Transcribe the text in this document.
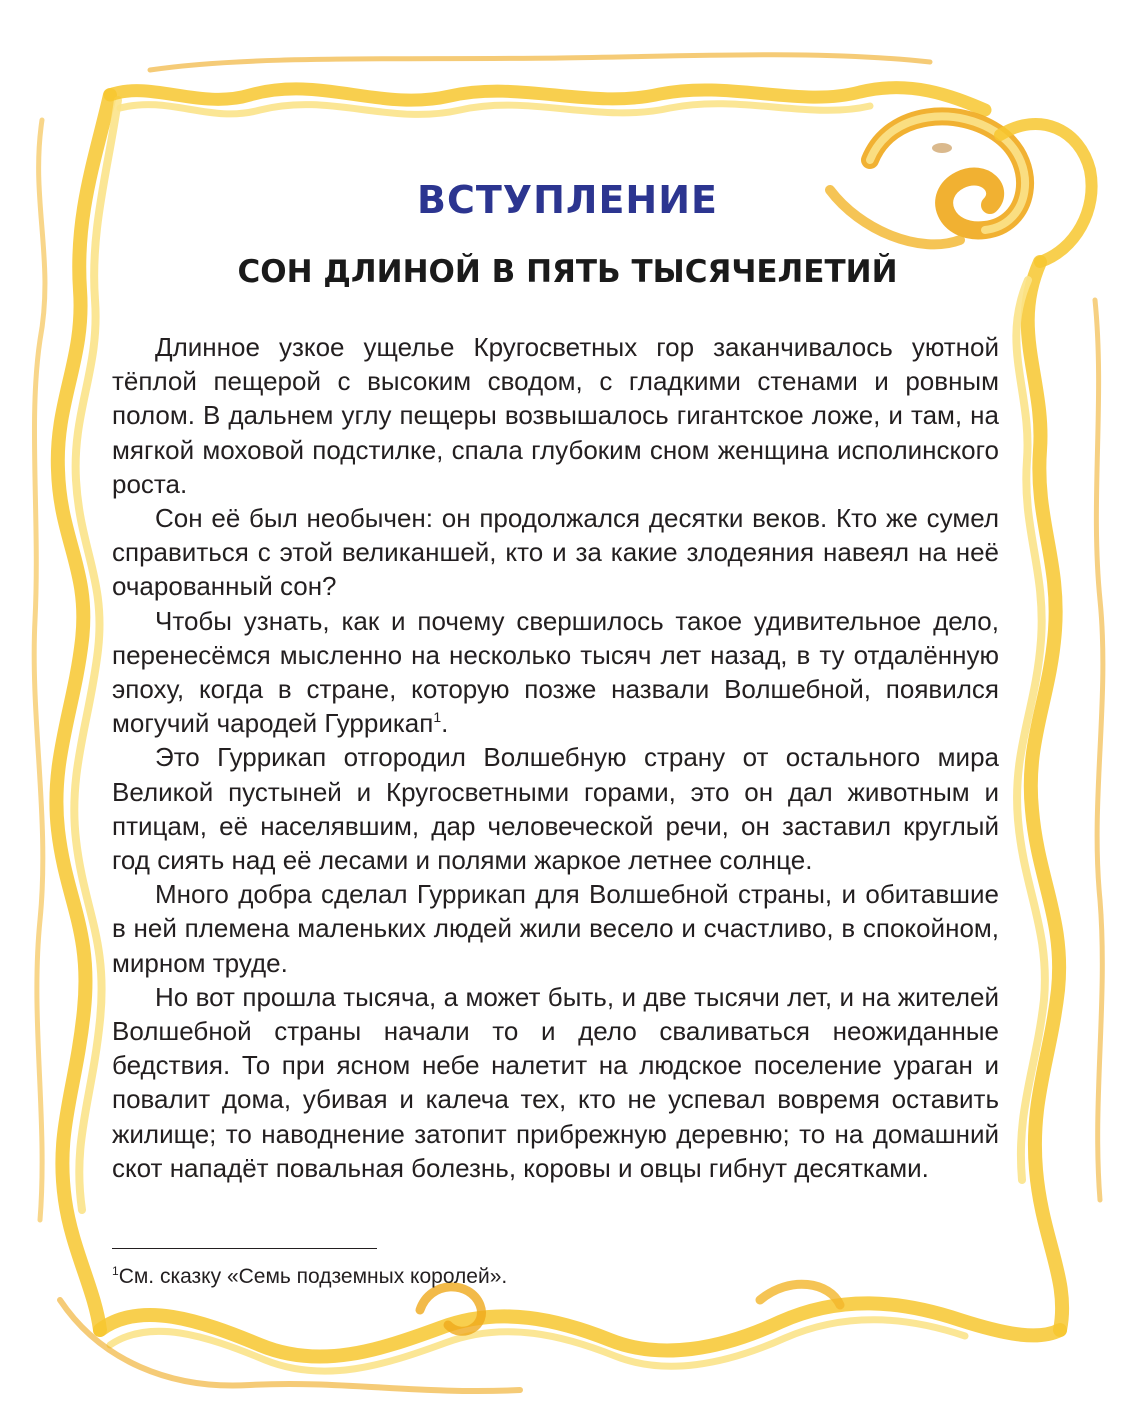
ВСТУПЛЕНИЕ
СОН ДЛИНОЙ В ПЯТЬ ТЫСЯЧЕЛЕТИЙ

Длинное узкое ущелье Кругосветных гор заканчивалось уютной тёплой пещерой с высоким сводом, с гладкими стенами и ровным полом. В дальнем углу пещеры возвышалось гигантское ложе, и там, на мягкой моховой подстилке, спала глубоким сном женщина исполинского роста.

Сон её был необычен: он продолжался десятки веков. Кто же сумел справиться с этой великаншей, кто и за какие злодеяния навеял на неё очарованный сон?

Чтобы узнать, как и почему свершилось такое удивительное дело, перенесёмся мысленно на несколько тысяч лет назад, в ту отдалённую эпоху, когда в стране, которую позже назвали Волшебной, появился могучий чародей Гуррикап$^1$.

Это Гуррикап отгородил Волшебную страну от остального мира Великой пустыней и Кругосветными горами, это он дал животным и птицам, её населявшим, дар человеческой речи, он заставил круглый год сиять над её лесами и полями жаркое летнее солнце.

Много добра сделал Гуррикап для Волшебной страны, и обитавшие в ней племена маленьких людей жили весело и счастливо, в спокойном, мирном труде.

Но вот прошла тысяча, а может быть, и две тысячи лет, и на жителей Волшебной страны начали то и дело сваливаться неожиданные бедствия. То при ясном небе налетит на людское поселение ураган и повалит дома, убивая и калеча тех, кто не успевал вовремя оставить жилище; то наводнение затопит прибрежную деревню; то на домашний скот нападёт повальная болезнь, коровы и овцы гибнут десятками.

$^1$См. сказку «Семь подземных королей».
